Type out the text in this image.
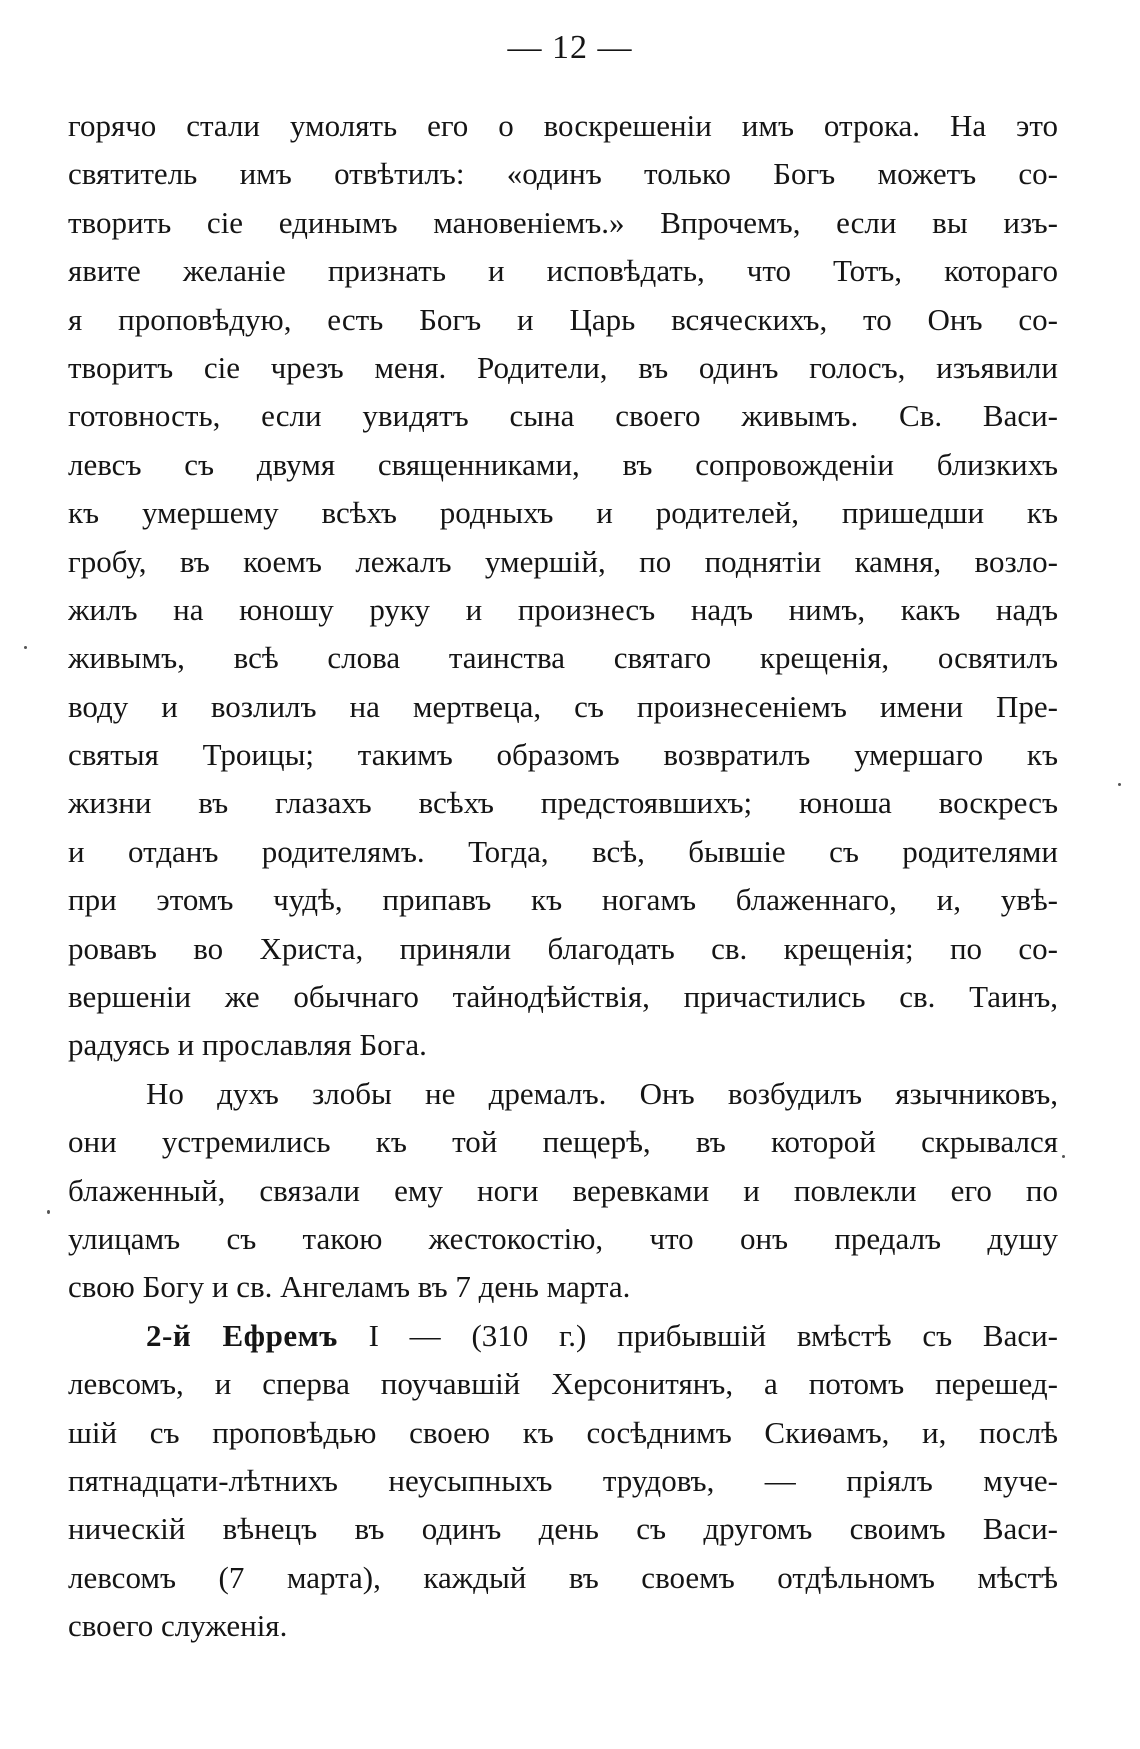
— 12 —
горячо стали умолять его о воскрешеніи имъ отрока. На это
святитель имъ отвѣтилъ: «одинъ только Богъ можетъ со-
творить сіе единымъ мановеніемъ.» Впрочемъ, если вы изъ-
явите желаніе признать и исповѣдать, что Тотъ, котораго
я проповѣдую, есть Богъ и Царь всяческихъ, то Онъ со-
творитъ сіе чрезъ меня. Родители, въ одинъ голосъ, изъявили
готовность, если увидятъ сына своего живымъ. Св. Васи-
левсъ съ двумя священниками, въ сопровожденіи близкихъ
къ умершему всѣхъ родныхъ и родителей, пришедши къ
гробу, въ коемъ лежалъ умершій, по поднятіи камня, возло-
жилъ на юношу руку и произнесъ надъ нимъ, какъ надъ
живымъ, всѣ слова таинства святаго крещенія, освятилъ
воду и возлилъ на мертвеца, съ произнесеніемъ имени Пре-
святыя Троицы; такимъ образомъ возвратилъ умершаго къ
жизни въ глазахъ всѣхъ предстоявшихъ; юноша воскресъ
и отданъ родителямъ. Тогда, всѣ, бывшіе съ родителями
при этомъ чудѣ, припавъ къ ногамъ блаженнаго, и, увѣ-
ровавъ во Христа, приняли благодать св. крещенія; по со-
вершеніи же обычнаго тайнодѣйствія, причастились св. Таинъ,
радуясь и прославляя Бога.
Но духъ злобы не дремалъ. Онъ возбудилъ язычниковъ,
они устремились къ той пещерѣ, въ которой скрывался
блаженный, связали ему ноги веревками и повлекли его по
улицамъ съ такою жестокостію, что онъ предалъ душу
свою Богу и св. Ангеламъ въ 7 день марта.
2-й Ефремъ I — (310 г.) прибывшій вмѣстѣ съ Васи-
левсомъ, и сперва поучавшій Херсонитянъ, а потомъ перешед-
шій съ проповѣдью своею къ сосѣднимъ Скиѳамъ, и, послѣ
пятнадцати-лѣтнихъ неусыпныхъ трудовъ, — пріялъ муче-
ническій вѣнецъ въ одинъ день съ другомъ своимъ Васи-
левсомъ (7 марта), каждый въ своемъ отдѣльномъ мѣстѣ
своего служенія.
